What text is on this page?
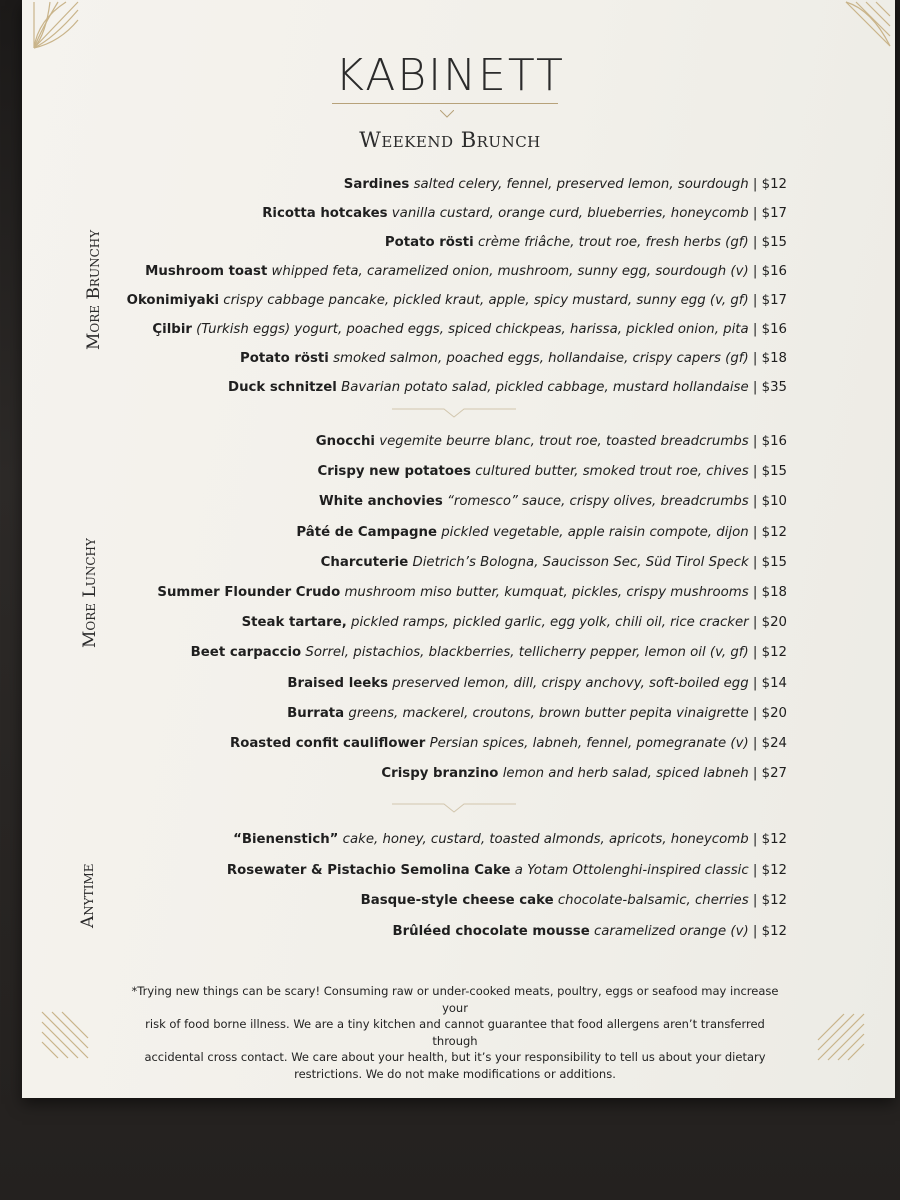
KABINETT
Weekend Brunch
More Brunchy
Sardines salted celery, fennel, preserved lemon, sourdough | $12
Ricotta hotcakes vanilla custard, orange curd, blueberries, honeycomb | $17
Potato rösti crème friâche, trout roe, fresh herbs (gf) | $15
Mushroom toast whipped feta, caramelized onion, mushroom, sunny egg, sourdough (v) | $16
Okonimiyaki crispy cabbage pancake, pickled kraut, apple, spicy mustard, sunny egg (v, gf) | $17
Çilbir (Turkish eggs) yogurt, poached eggs, spiced chickpeas, harissa, pickled onion, pita | $16
Potato rösti smoked salmon, poached eggs, hollandaise, crispy capers (gf) | $18
Duck schnitzel Bavarian potato salad, pickled cabbage, mustard hollandaise | $35
More Lunchy
Gnocchi vegemite beurre blanc, trout roe, toasted breadcrumbs | $16
Crispy new potatoes cultured butter, smoked trout roe, chives | $15
White anchovies “romesco” sauce, crispy olives, breadcrumbs | $10
Pâté de Campagne pickled vegetable, apple raisin compote, dijon | $12
Charcuterie Dietrich’s Bologna, Saucisson Sec, Süd Tirol Speck | $15
Summer Flounder Crudo mushroom miso butter, kumquat, pickles, crispy mushrooms | $18
Steak tartare, pickled ramps, pickled garlic, egg yolk, chili oil, rice cracker | $20
Beet carpaccio Sorrel, pistachios, blackberries, tellicherry pepper, lemon oil (v, gf) | $12
Braised leeks preserved lemon, dill, crispy anchovy, soft-boiled egg | $14
Burrata greens, mackerel, croutons, brown butter pepita vinaigrette | $20
Roasted confit cauliflower Persian spices, labneh, fennel, pomegranate (v) | $24
Crispy branzino lemon and herb salad, spiced labneh | $27
Anytime
“Bienenstich” cake, honey, custard, toasted almonds, apricots, honeycomb | $12
Rosewater & Pistachio Semolina Cake a Yotam Ottolenghi-inspired classic | $12
Basque-style cheese cake chocolate-balsamic, cherries | $12
Brûléed chocolate mousse caramelized orange (v) | $12
*Trying new things can be scary! Consuming raw or under-cooked meats, poultry, eggs or seafood may increase your
risk of food borne illness. We are a tiny kitchen and cannot guarantee that food allergens aren’t transferred through
accidental cross contact. We care about your health, but it’s your responsibility to tell us about your dietary
restrictions. We do not make modifications or additions.
